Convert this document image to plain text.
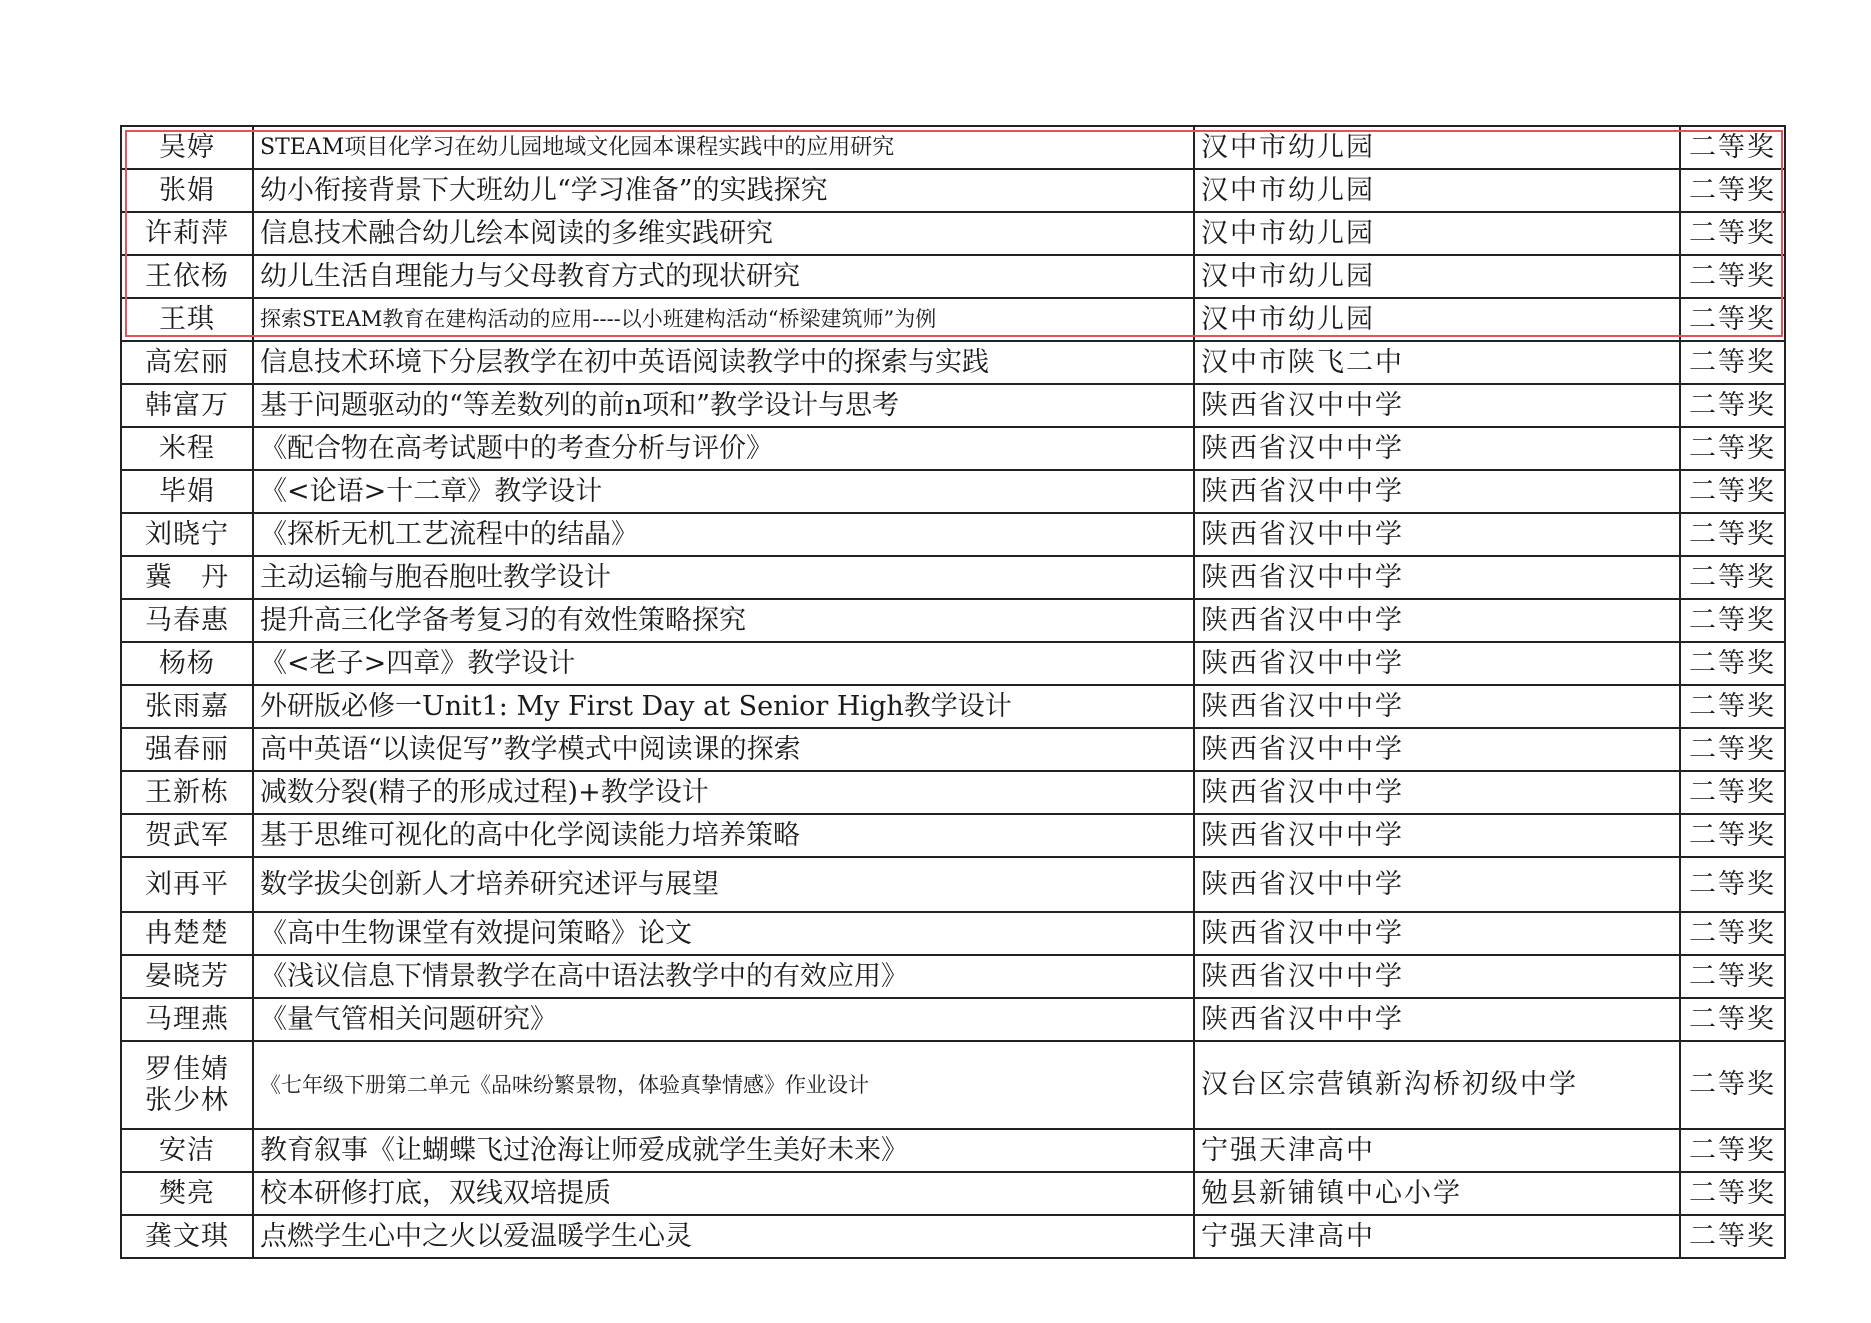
吴婷	STEAM项目化学习在幼儿园地域文化园本课程实践中的应用研究	汉中市幼儿园	二等奖

张娟	幼小衔接背景下大班幼儿“学习准备”的实践探究	汉中市幼儿园	二等奖

许莉萍	信息技术融合幼儿绘本阅读的多维实践研究	汉中市幼儿园	二等奖

王依杨	幼儿生活自理能力与父母教育方式的现状研究	汉中市幼儿园	二等奖

王琪	探索STEAM教育在建构活动的应用----以小班建构活动“桥梁建筑师”为例	汉中市幼儿园	二等奖

高宏丽	信息技术环境下分层教学在初中英语阅读教学中的探索与实践	汉中市陕飞二中	二等奖

韩富万	基于问题驱动的“等差数列的前n项和”教学设计与思考	陕西省汉中中学	二等奖

米程	《配合物在高考试题中的考查分析与评价》	陕西省汉中中学	二等奖

毕娟	《<论语>十二章》教学设计	陕西省汉中中学	二等奖

刘晓宁	《探析无机工艺流程中的结晶》	陕西省汉中中学	二等奖

冀　丹	主动运输与胞吞胞吐教学设计	陕西省汉中中学	二等奖

马春惠	提升高三化学备考复习的有效性策略探究	陕西省汉中中学	二等奖

杨杨	《<老子>四章》教学设计	陕西省汉中中学	二等奖

张雨嘉	外研版必修一Unit1: My First Day at Senior High教学设计	陕西省汉中中学	二等奖

强春丽	高中英语“以读促写”教学模式中阅读课的探索	陕西省汉中中学	二等奖

王新栋	减数分裂(精子的形成过程)+教学设计	陕西省汉中中学	二等奖

贺武军	基于思维可视化的高中化学阅读能力培养策略	陕西省汉中中学	二等奖

刘再平	数学拔尖创新人才培养研究述评与展望	陕西省汉中中学	二等奖

冉楚楚	《高中生物课堂有效提问策略》论文	陕西省汉中中学	二等奖

晏晓芳	《浅议信息下情景教学在高中语法教学中的有效应用》	陕西省汉中中学	二等奖

马理燕	《量气管相关问题研究》	陕西省汉中中学	二等奖

罗佳婧
张少林	《七年级下册第二单元《品味纷繁景物，体验真挚情感》作业设计	汉台区宗营镇新沟桥初级中学	二等奖

安洁	教育叙事《让蝴蝶飞过沧海让师爱成就学生美好未来》	宁强天津高中	二等奖

樊亮	校本研修打底，双线双培提质	勉县新铺镇中心小学	二等奖

龚文琪	点燃学生心中之火以爱温暖学生心灵	宁强天津高中	二等奖
